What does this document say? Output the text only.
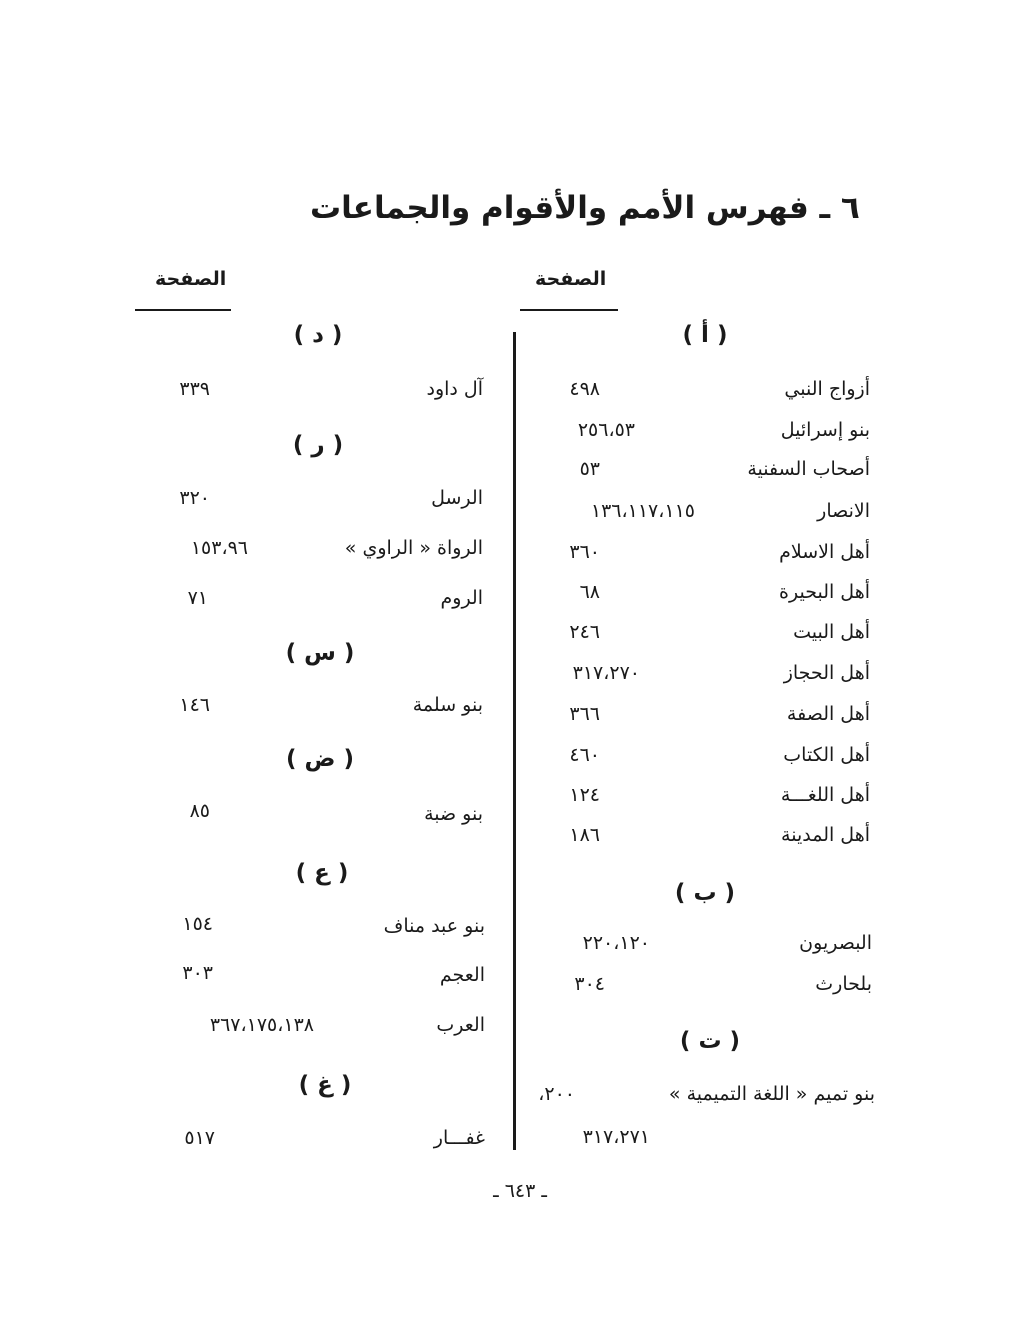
٦ ـ فهرس الأمم والأقوام والجماعات
الصفحة	الصفحة
( أ )
أزواج النبي
٤٩٨
بنو إسرائيل
٢٥٦،٥٣
أصحاب السفنية
٥٣
الانصار
١٣٦،١١٧،١١٥
أهل الاسلام
٣٦٠
أهل البحيرة
٦٨
أهل البيت
٢٤٦
أهل الحجاز
٣١٧،٢٧٠
أهل الصفة
٣٦٦
أهل الكتاب
٤٦٠
أهل اللغـــة
١٢٤
أهل المدينة
١٨٦
( ب )
البصريون
٢٢٠،١٢٠
بلحارث
٣٠٤
( ت )
بنو تميم « اللغة التميمية »
٢٠٠،
٣١٧،٢٧١
( د )
آل داود
٣٣٩
( ر )
الرسل
٣٢٠
الرواة « الراوي »
١٥٣،٩٦
الروم
٧١
( س )
بنو سلمة
١٤٦
( ض )
بنو ضبة
٨٥
( ع )
بنو عبد مناف
١٥٤
العجم
٣٠٣
العرب
٣٦٧،١٧٥،١٣٨
( غ )
غفـــار
٥١٧
ـ ٦٤٣ ـ
